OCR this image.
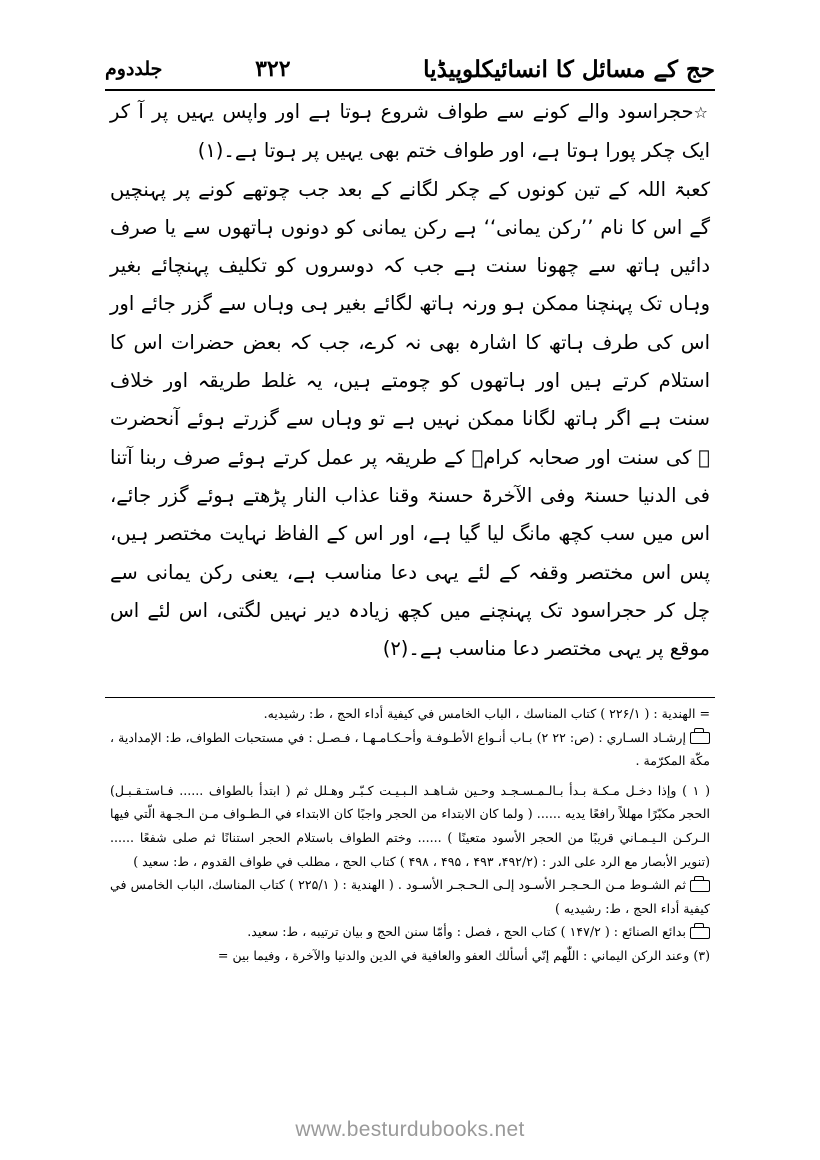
حج کے مسائل کا انسائیکلوپیڈیا
۳۲۲
جلددوم

☆حجراسود والے کونے سے طواف شروع ہوتا ہے اور واپس یہیں پر آ کر ایک چکر پورا ہوتا ہے، اور طواف ختم بھی یہیں پر ہوتا ہے۔(۱)

کعبۃ اللہ کے تین کونوں کے چکر لگانے کے بعد جب چوتھے کونے پر پہنچیں گے اس کا نام ’’رکن یمانی‘‘ ہے رکن یمانی کو دونوں ہاتھوں سے یا صرف دائیں ہاتھ سے چھونا سنت ہے جب کہ دوسروں کو تکلیف پہنچائے بغیر وہاں تک پہنچنا ممکن ہو ورنہ ہاتھ لگائے بغیر ہی وہاں سے گزر جائے اور اس کی طرف ہاتھ کا اشارہ بھی نہ کرے، جب کہ بعض حضرات اس کا استلام کرتے ہیں اور ہاتھوں کو چومتے ہیں، یہ غلط طریقہ اور خلاف سنت ہے اگر ہاتھ لگانا ممکن نہیں ہے تو وہاں سے گزرتے ہوئے آنحضرت ﷺ کی سنت اور صحابہ کرامؓ کے طریقہ پر عمل کرتے ہوئے صرف ربنا آتنا فی الدنیا حسنۃ وفی الآخرۃ حسنۃ وقنا عذاب النار پڑھتے ہوئے گزر جائے، اس میں سب کچھ مانگ لیا گیا ہے، اور اس کے الفاظ نہایت مختصر ہیں، پس اس مختصر وقفہ کے لئے یہی دعا مناسب ہے، یعنی رکن یمانی سے چل کر حجراسود تک پہنچنے میں کچھ زیادہ دیر نہیں لگتی، اس لئے اس موقع پر یہی مختصر دعا مناسب ہے۔(۲)

= الهندية : ( ۲۲۶/۱ ) كتاب المناسك ، الباب الخامس في كيفية أداء الحج ، ط: رشيديه.

إرشـاد السـاري : (ص: ۲۲ ۲) بـاب أنـواع الأطـوفـة وأحـكـامـهـا ، فـصـل : في مستحبات الطواف، ط: الإمدادية ، مكّة المكرّمة .

( ۱ ) وإذا دخـل مـكـة بـدأ بـالـمـسـجـد وحـين شـاهـد الـبـيـت كـبّـر وهـلل ثم ( ابتدأ بالطواف ...... فـاستـقـبـل) الحجر مكبّرًا مهللاً رافعًا يديه ...... ( ولما كان الابتداء من الحجر واجبًا كان الابتداء في الـطـواف مـن الـجـهة الّتي فيها الـركـن الـيـمـاني قريبًا من الحجر الأسود متعينًا ) ...... وختم الطواف باستلام الحجر استنانًا ثم صلى شفعًا ...... (تنوير الأبصار مع الرد على الدر : (۴۹۲/۲، ۴۹۳ ، ۴۹۵ ، ۴۹۸ ) كتاب الحج ، مطلب في طواف القدوم ، ط: سعيد )

ثم الشـوط مـن الـحـجـر الأسـود إلـى الـحـجـر الأسـود . ( الهندية : ( ۲۲۵/۱ ) كتاب المناسك، الباب الخامس في كيفية أداء الحج ، ط: رشيديه )

بدائع الصنائع : ( ۱۴۷/۲ ) كتاب الحج ، فصل : وأمّا سنن الحج و بيان ترتيبه ، ط: سعيد.

(۳) وعند الركن اليماني : اللّٰهم إنّي أسألك العفو والعافية في الدين والدنيا والآخرة ، وفيما بين =

www.besturdubooks.net
